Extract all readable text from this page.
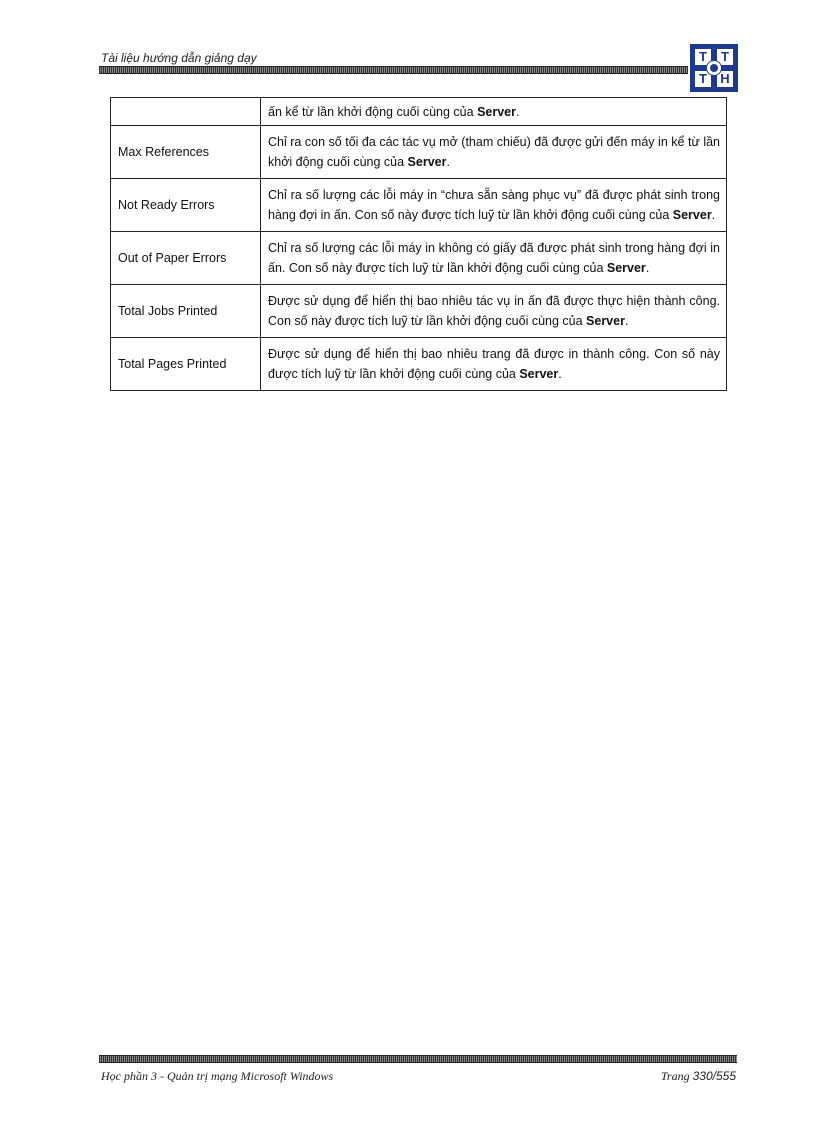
Tài liệu hướng dẫn giảng dạy	T	T
T	H
	ấn kể từ lần khởi động cuối cùng của Server.
Max References	Chỉ ra con số tối đa các tác vụ mở (tham chiếu) đã được gửi đến máy in kể từ lần khởi động cuối cùng của Server.
Not Ready Errors	Chỉ ra số lượng các lỗi máy in “chưa sẵn sàng phục vụ” đã được phát sinh trong hàng đợi in ấn. Con số này được tích luỹ từ lần khởi động cuối cùng của Server.
Out of Paper Errors	Chỉ ra số lượng các lỗi máy in không có giấy đã được phát sinh trong hàng đợi in ấn. Con số này được tích luỹ từ lần khởi động cuối cùng của Server.
Total Jobs Printed	Được sử dụng để hiển thị bao nhiêu tác vụ in ấn đã được thực hiện thành công. Con số này được tích luỹ từ lần khởi động cuối cùng của Server.
Total Pages Printed	Được sử dụng để hiển thị bao nhiêu trang đã được in thành công. Con số này được tích luỹ từ lần khởi động cuối cùng của Server.
Học phần 3 - Quản trị mạng Microsoft Windows	Trang 330/555
